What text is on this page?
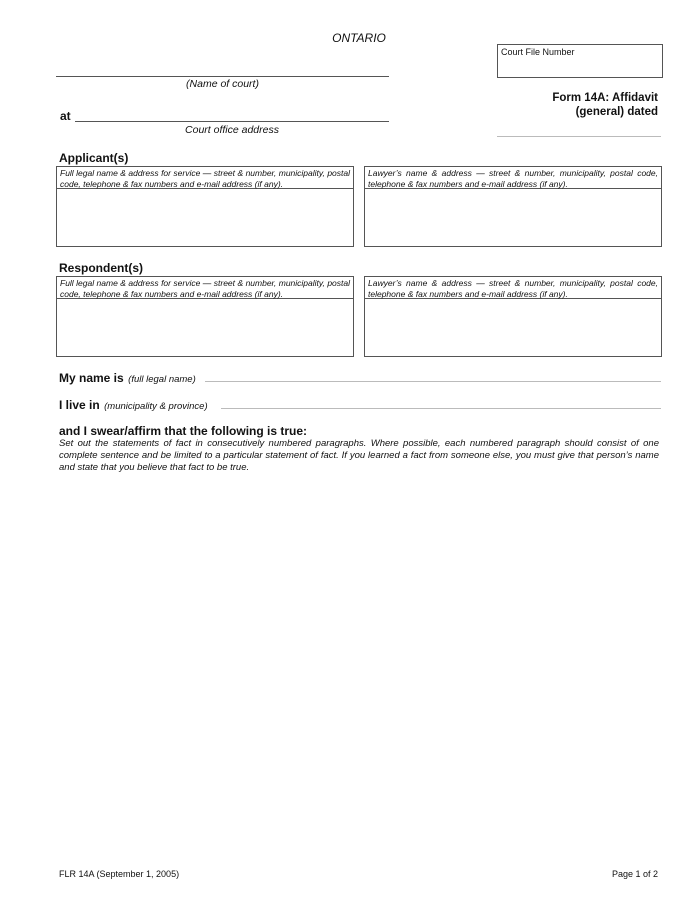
ONTARIO
Court File Number
(Name of court)
at
Court office address
Form 14A: Affidavit
(general) dated
Applicant(s)
Full legal name & address for service — street & number, municipality, postal code, telephone & fax numbers and e-mail address (if any).
Lawyer’s name & address — street & number, municipality, postal code, telephone & fax numbers and e-mail address (if any).
Respondent(s)
Full legal name & address for service — street & number, municipality, postal code, telephone & fax numbers and e-mail address (if any).
Lawyer’s name & address — street & number, municipality, postal code, telephone & fax numbers and e-mail address (if any).
My name is (full legal name)
I live in (municipality & province)
and I swear/affirm that the following is true:
Set out the statements of fact in consecutively numbered paragraphs. Where possible, each numbered paragraph should consist of one complete sentence and be limited to a particular statement of fact. If you learned a fact from someone else, you must give that person’s name and state that you believe that fact to be true.
FLR 14A (September 1, 2005)	Page 1 of 2
